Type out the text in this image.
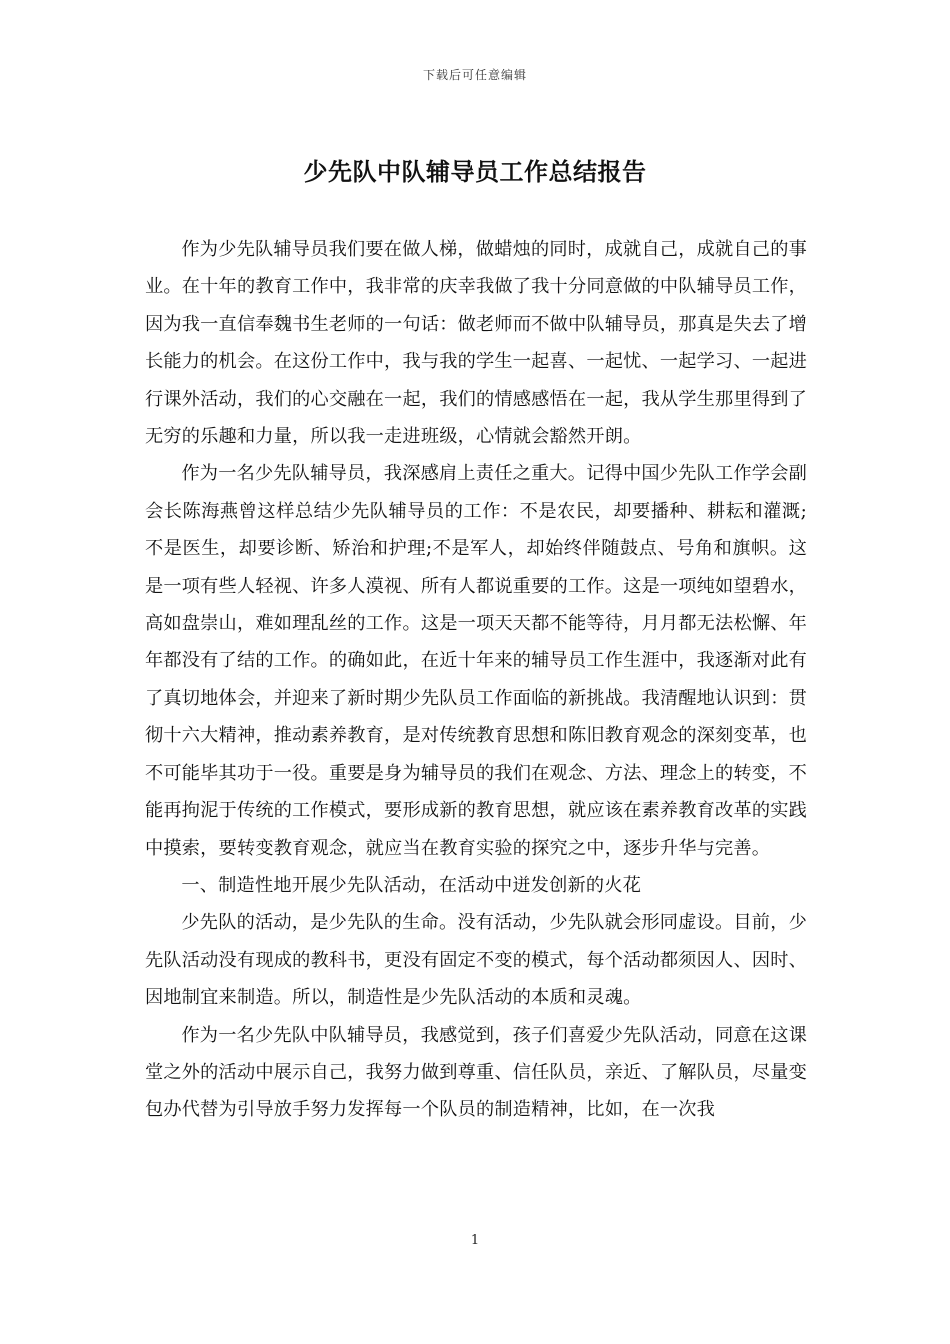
下载后可任意编辑
少先队中队辅导员工作总结报告

作为少先队辅导员我们要在做人梯，做蜡烛的同时，成就自己，成就自己的事业。在十年的教育工作中，我非常的庆幸我做了我十分同意做的中队辅导员工作，因为我一直信奉魏书生老师的一句话：做老师而不做中队辅导员，那真是失去了增长能力的机会。在这份工作中，我与我的学生一起喜、一起忧、一起学习、一起进行课外活动，我们的心交融在一起，我们的情感感悟在一起，我从学生那里得到了无穷的乐趣和力量，所以我一走进班级，心情就会豁然开朗。

作为一名少先队辅导员，我深感肩上责任之重大。记得中国少先队工作学会副会长陈海燕曾这样总结少先队辅导员的工作：不是农民，却要播种、耕耘和灌溉;不是医生，却要诊断、矫治和护理;不是军人，却始终伴随鼓点、号角和旗帜。这是一项有些人轻视、许多人漠视、所有人都说重要的工作。这是一项纯如望碧水，高如盘崇山，难如理乱丝的工作。这是一项天天都不能等待，月月都无法松懈、年年都没有了结的工作。的确如此，在近十年来的辅导员工作生涯中，我逐渐对此有了真切地体会，并迎来了新时期少先队员工作面临的新挑战。我清醒地认识到：贯彻十六大精神，推动素养教育，是对传统教育思想和陈旧教育观念的深刻变革，也不可能毕其功于一役。重要是身为辅导员的我们在观念、方法、理念上的转变，不能再拘泥于传统的工作模式，要形成新的教育思想，就应该在素养教育改革的实践中摸索，要转变教育观念，就应当在教育实验的探究之中，逐步升华与完善。

一、制造性地开展少先队活动，在活动中迸发创新的火花

少先队的活动，是少先队的生命。没有活动，少先队就会形同虚设。目前，少先队活动没有现成的教科书，更没有固定不变的模式，每个活动都须因人、因时、因地制宜来制造。所以，制造性是少先队活动的本质和灵魂。

作为一名少先队中队辅导员，我感觉到，孩子们喜爱少先队活动，同意在这课堂之外的活动中展示自己，我努力做到尊重、信任队员，亲近、了解队员，尽量变包办代替为引导放手努力发挥每一个队员的制造精神，比如，在一次我

1
